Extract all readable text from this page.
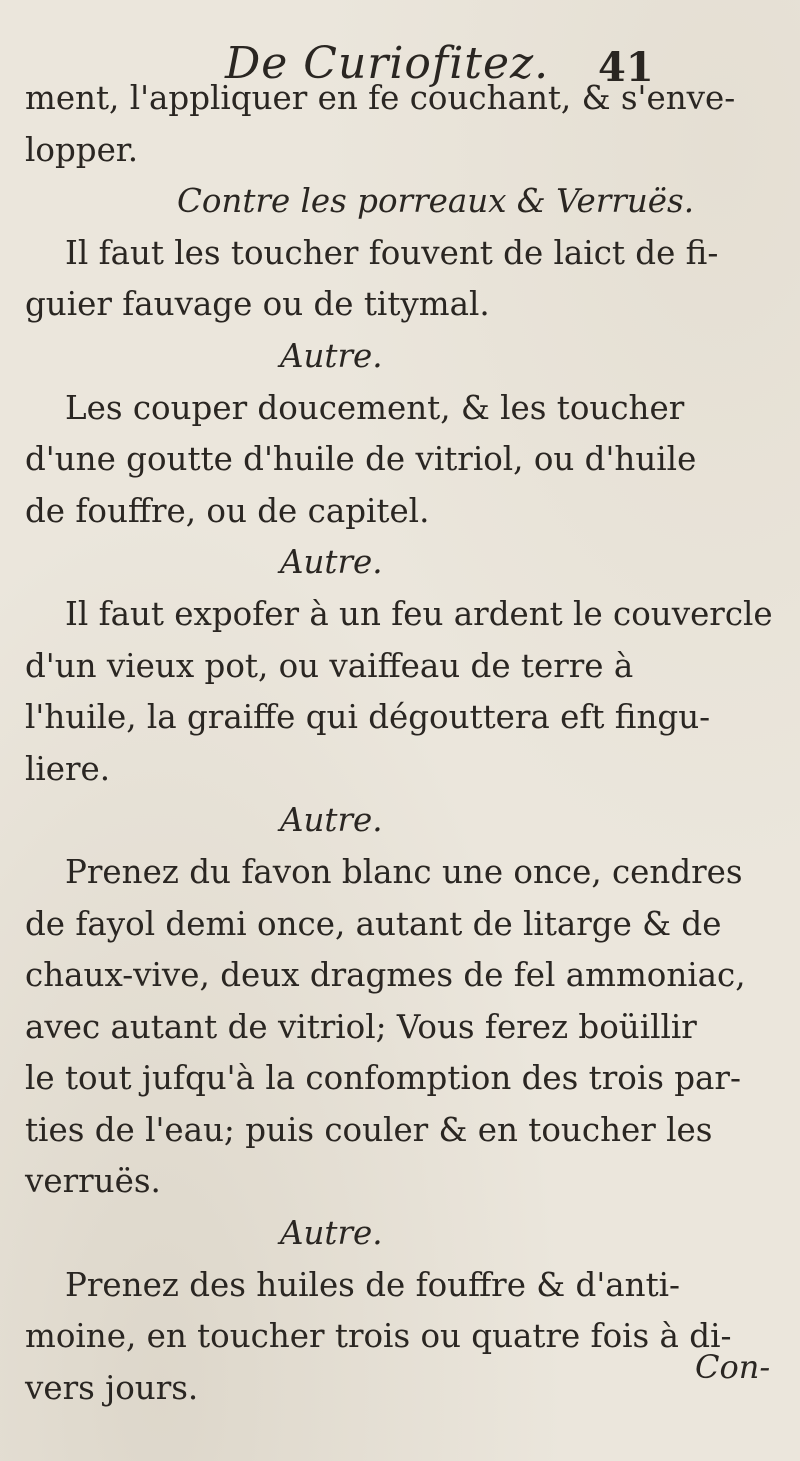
De Curiofitez. 41

ment, l'appliquer en fe couchant, & s'enve-

lopper.

Contre les porreaux & Verruës.

Il faut les toucher fouvent de laict de fi-

guier fauvage ou de titymal.

Autre.

Les couper doucement, & les toucher

d'une goutte d'huile de vitriol, ou d'huile

de fouffre, ou de capitel.

Autre.

Il faut expofer à un feu ardent le couvercle

d'un vieux pot, ou vaiffeau de terre à

l'huile, la graiffe qui dégouttera eft fingu-

liere.

Autre.

Prenez du favon blanc une once, cendres

de fayol demi once, autant de litarge & de

chaux-vive, deux dragmes de fel ammoniac,

avec autant de vitriol; Vous ferez boüillir

le tout jufqu'à la confomption des trois par-

ties de l'eau; puis couler & en toucher les

verruës.

Autre.

Prenez des huiles de fouffre & d'anti-

moine, en toucher trois ou quatre fois à di-

vers jours.

Con-
